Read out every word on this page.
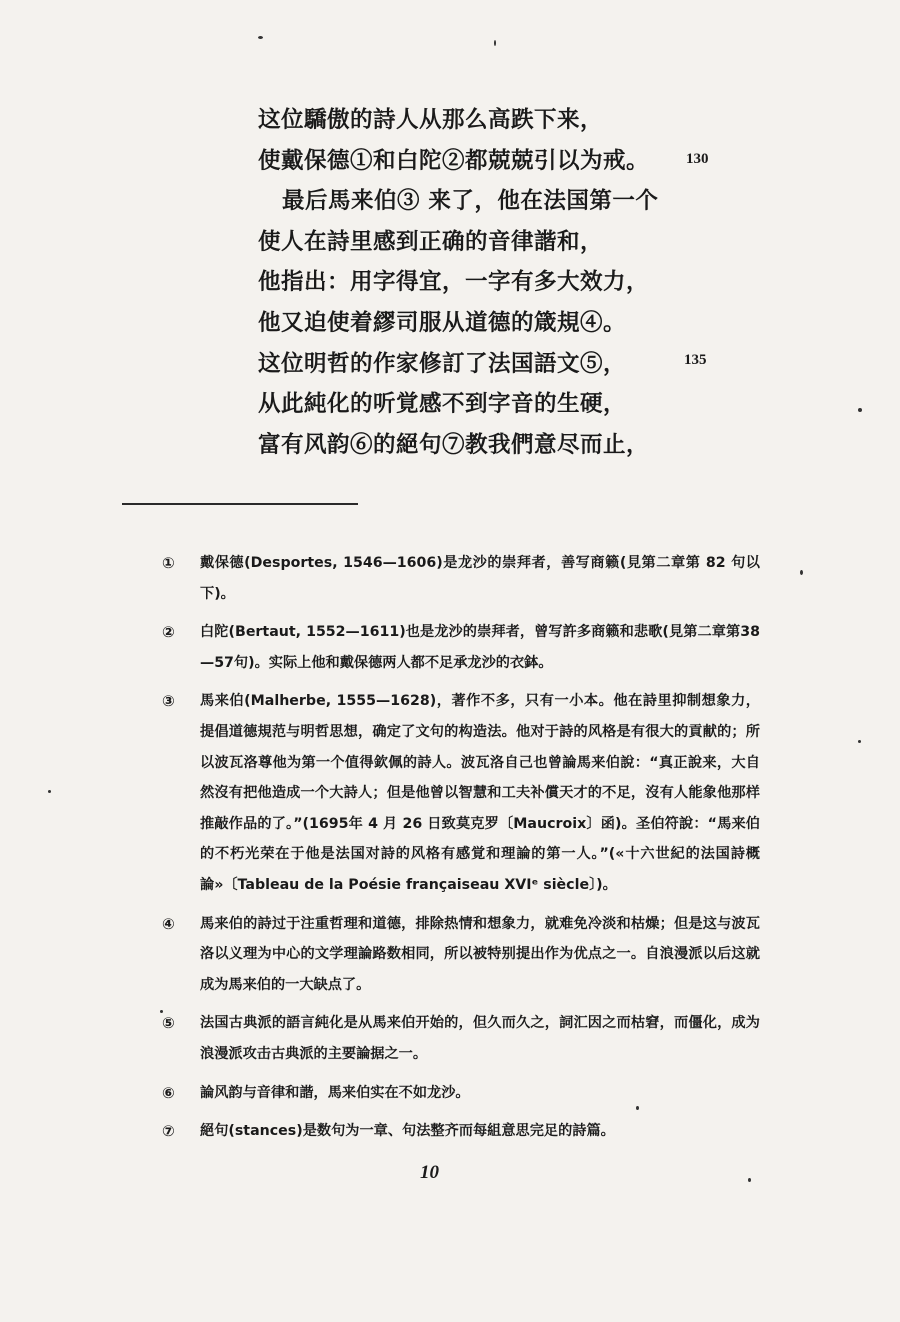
这位驕傲的詩人从那么高跌下来，
使戴保德①和白陀②都兢兢引以为戒。
最后馬来伯③ 来了，他在法国第一个
使人在詩里感到正确的音律諧和，
他指出：用字得宜，一字有多大效力，
他又迫使着繆司服从道德的箴規④。
这位明哲的作家修訂了法国語文⑤，
从此純化的听覚感不到字音的生硬，
富有风韵⑥的絕句⑦教我們意尽而止，
130
135
① 戴保德(Desportes, 1546—1606)是龙沙的崇拜者，善写商籁(見第二章第 82 句以下)。
② 白陀(Bertaut, 1552—1611)也是龙沙的崇拜者，曾写許多商籁和悲歌(見第二章第38—57句)。实际上他和戴保德两人都不足承龙沙的衣鉢。
③ 馬来伯(Malherbe, 1555—1628)，著作不多，只有一小本。他在詩里抑制想象力，提倡道德規范与明哲思想，确定了文句的构造法。他对于詩的风格是有很大的貢献的；所以波瓦洛尊他为第一个值得欽佩的詩人。波瓦洛自己也曾論馬来伯說：“真正說来，大自然沒有把他造成一个大詩人；但是他曾以智慧和工夫补償天才的不足，沒有人能象他那样推敲作品的了。”(1695年 4 月 26 日致莫克罗〔Maucroix〕函)。圣伯符說：“馬来伯的不朽光荣在于他是法国对詩的风格有感覚和理論的第一人。”(«十六世紀的法国詩概論»〔Tableau de la Poésie françaiseau XVIᵉ siècle〕)。
④ 馬来伯的詩过于注重哲理和道德，排除热情和想象力，就难免冷淡和枯燥；但是这与波瓦洛以义理为中心的文学理論路数相同，所以被特别提出作为优点之一。自浪漫派以后这就成为馬来伯的一大缺点了。
⑤ 法国古典派的語言純化是从馬来伯开始的，但久而久之，詞汇因之而枯窘，而僵化，成为浪漫派攻击古典派的主要論据之一。
⑥ 論风韵与音律和諧，馬来伯实在不如龙沙。
⑦ 絕句(stances)是数句为一章、句法整齐而每組意思完足的詩篇。
10
